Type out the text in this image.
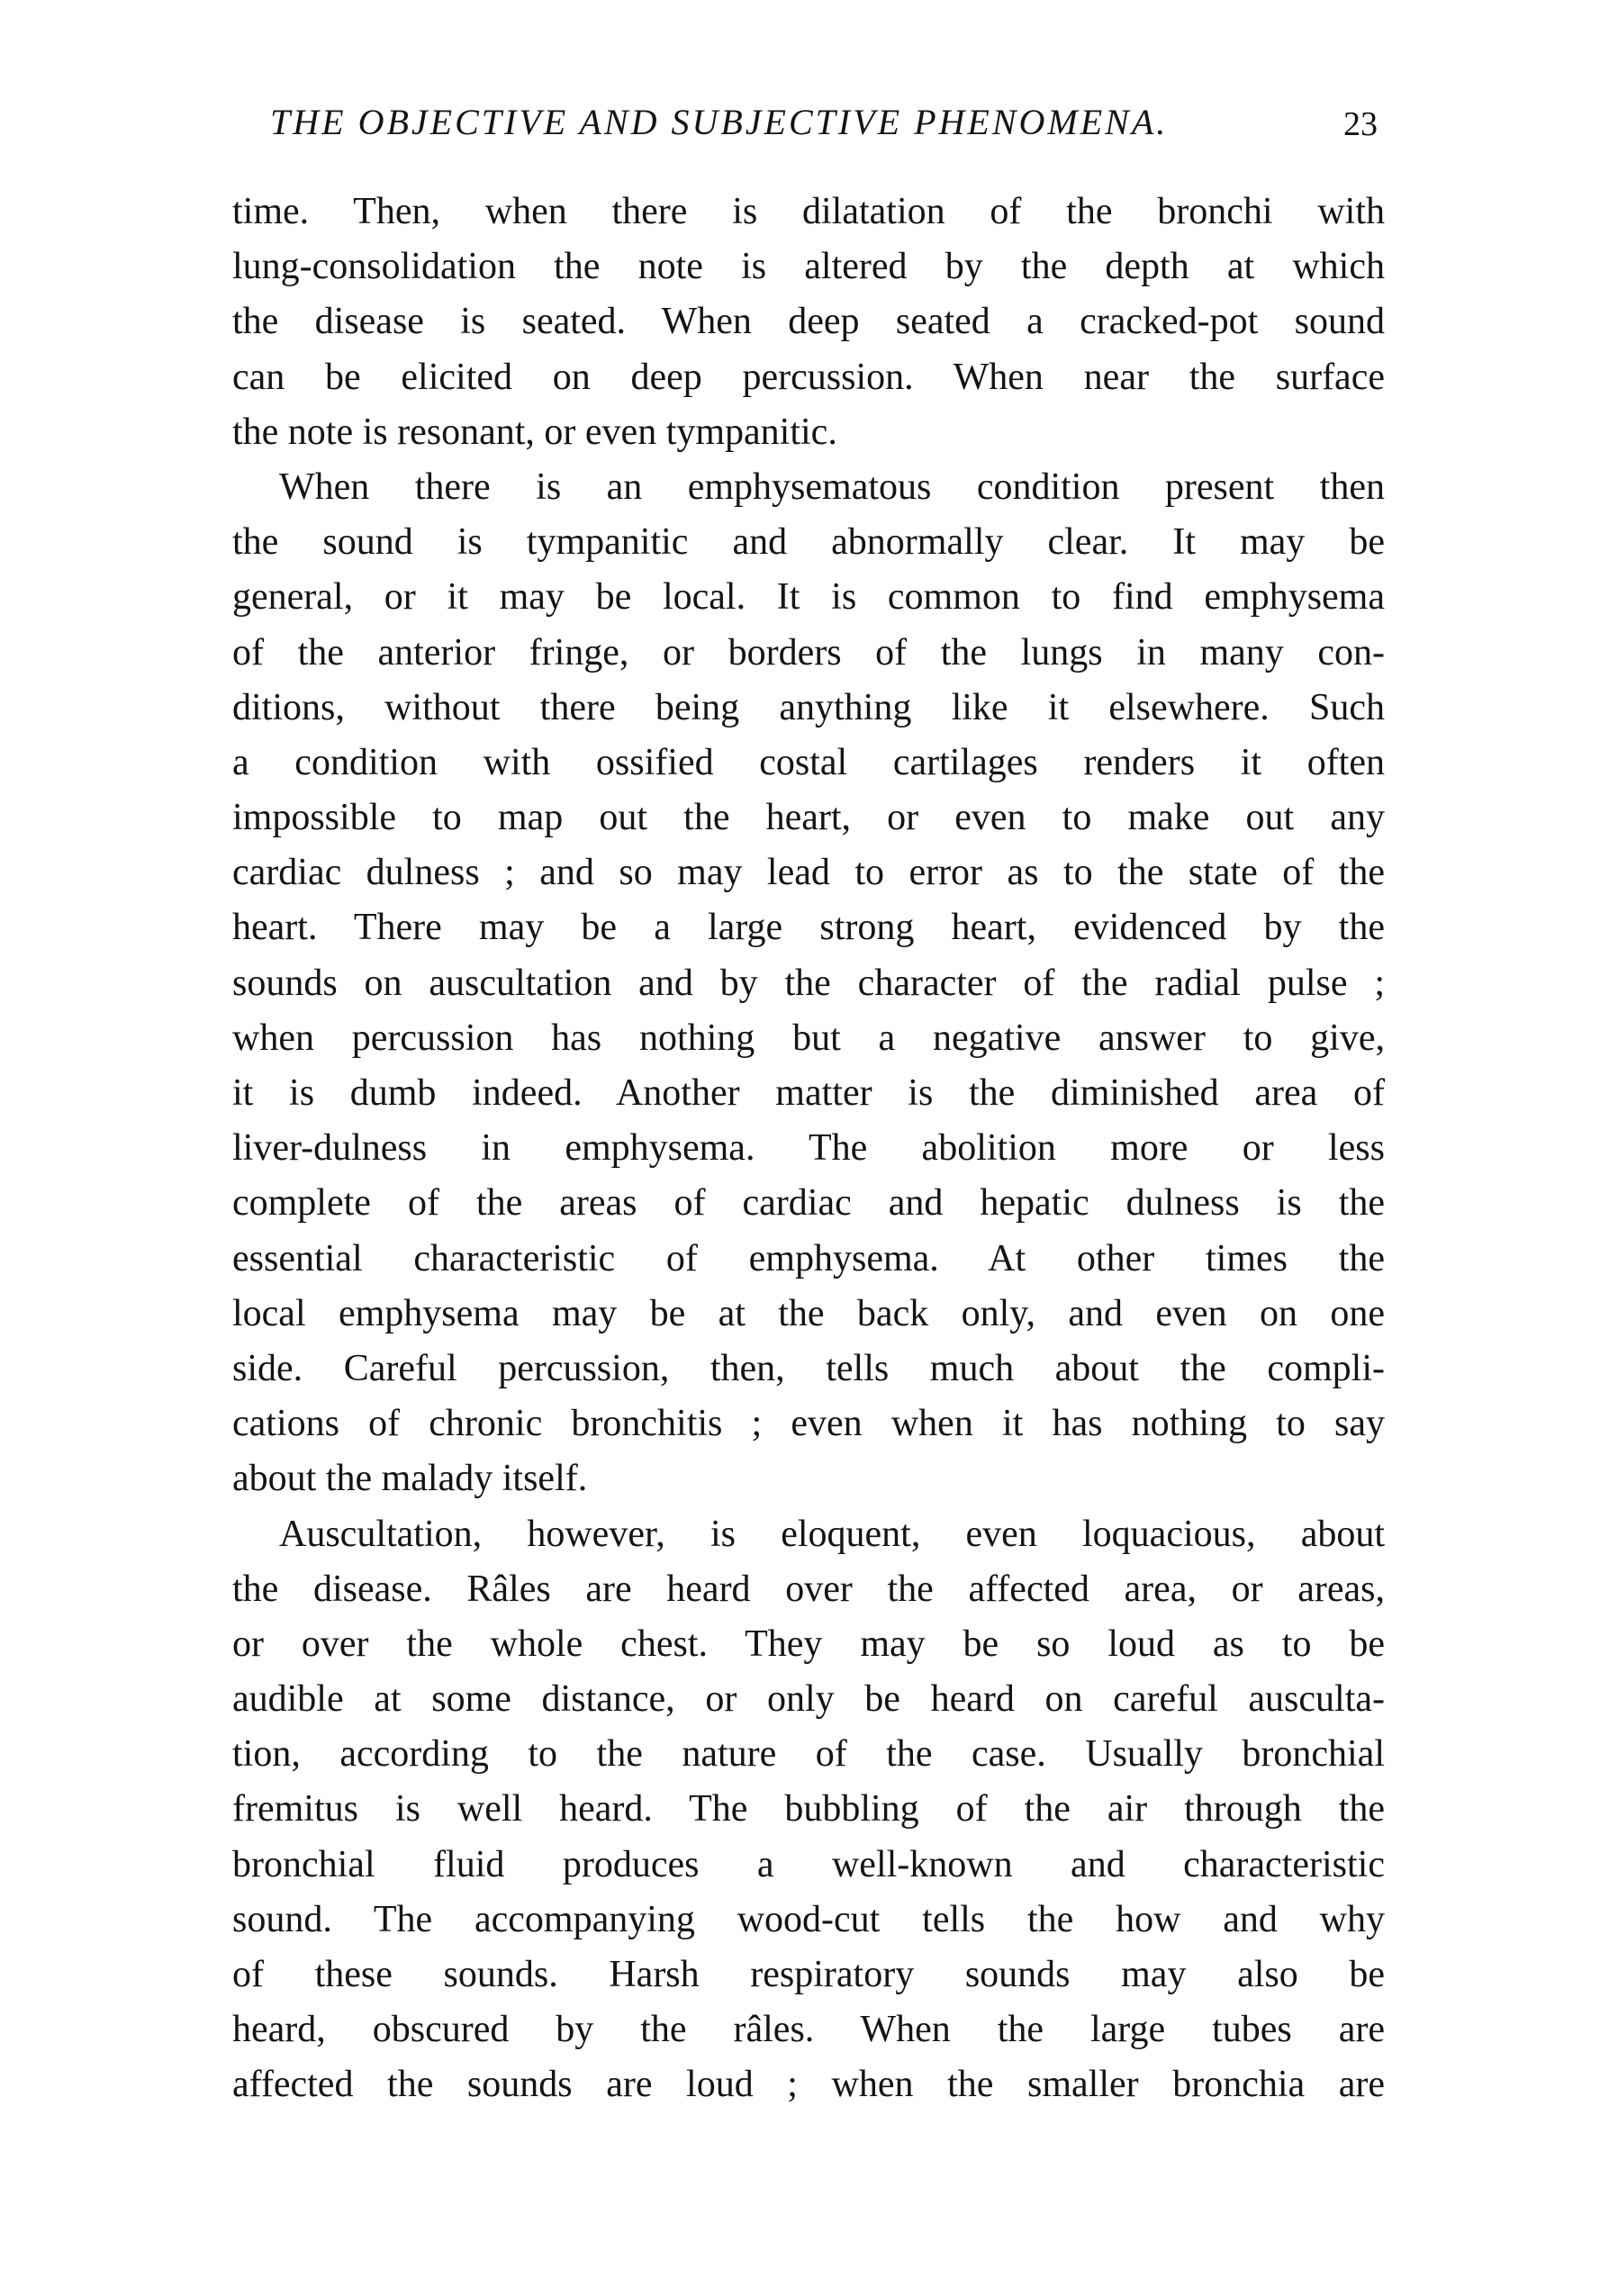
THE OBJECTIVE AND SUBJECTIVE PHENOMENA.	23
time. Then, when there is dilatation of the bronchi with
lung-consolidation the note is altered by the depth at which
the disease is seated. When deep seated a cracked-pot sound
can be elicited on deep percussion. When near the surface
the note is resonant, or even tympanitic.
When there is an emphysematous condition present then
the sound is tympanitic and abnormally clear. It may be
general, or it may be local. It is common to find emphysema
of the anterior fringe, or borders of the lungs in many con-
ditions, without there being anything like it elsewhere. Such
a condition with ossified costal cartilages renders it often
impossible to map out the heart, or even to make out any
cardiac dulness ; and so may lead to error as to the state of the
heart. There may be a large strong heart, evidenced by the
sounds on auscultation and by the character of the radial pulse ;
when percussion has nothing but a negative answer to give,
it is dumb indeed. Another matter is the diminished area of
liver-dulness in emphysema. The abolition more or less
complete of the areas of cardiac and hepatic dulness is the
essential characteristic of emphysema. At other times the
local emphysema may be at the back only, and even on one
side. Careful percussion, then, tells much about the compli-
cations of chronic bronchitis ; even when it has nothing to say
about the malady itself.
Auscultation, however, is eloquent, even loquacious, about
the disease. Râles are heard over the affected area, or areas,
or over the whole chest. They may be so loud as to be
audible at some distance, or only be heard on careful ausculta-
tion, according to the nature of the case. Usually bronchial
fremitus is well heard. The bubbling of the air through the
bronchial fluid produces a well-known and characteristic
sound. The accompanying wood-cut tells the how and why
of these sounds. Harsh respiratory sounds may also be
heard, obscured by the râles. When the large tubes are
affected the sounds are loud ; when the smaller bronchia are
